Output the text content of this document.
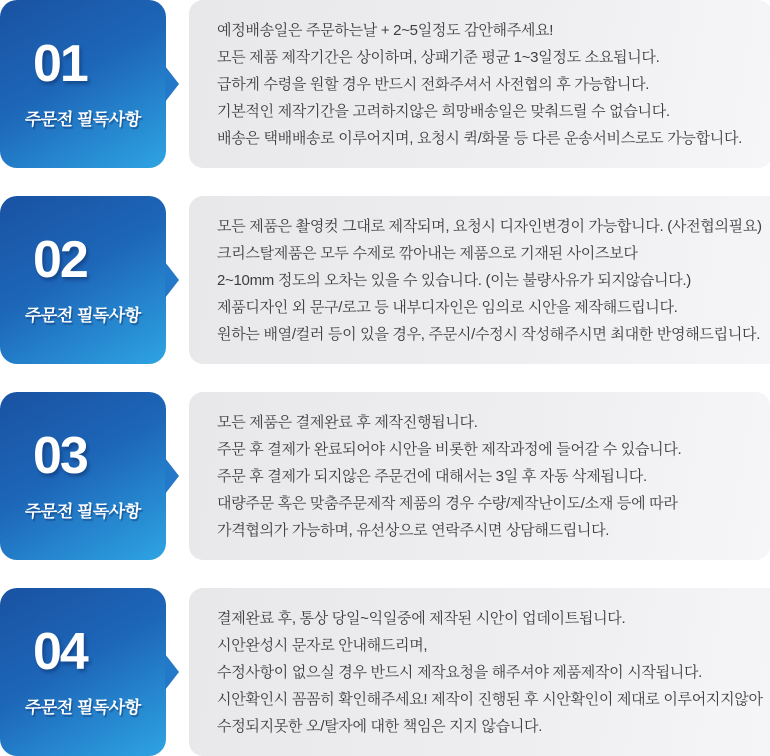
01
주문전 필독사항

예정배송일은 주문하는날 + 2~5일정도 감안해주세요!

모든 제품 제작기간은 상이하며, 상패기준 평균 1~3일정도 소요됩니다.

급하게 수령을 원할 경우 반드시 전화주셔서 사전협의 후 가능합니다.

기본적인 제작기간을 고려하지않은 희망배송일은 맞춰드릴 수 없습니다.

배송은 택배배송로 이루어지며, 요청시 퀵/화물 등 다른 운송서비스로도 가능합니다.

02
주문전 필독사항

모든 제품은 촬영컷 그대로 제작되며, 요청시 디자인변경이 가능합니다. (사전협의필요)

크리스탈제품은 모두 수제로 깎아내는 제품으로 기재된 사이즈보다

2~10mm 정도의 오차는 있을 수 있습니다. (이는 불량사유가 되지않습니다.)

제품디자인 외 문구/로고 등 내부디자인은 임의로 시안을 제작해드립니다.

원하는 배열/컬러 등이 있을 경우, 주문시/수정시 작성해주시면 최대한 반영해드립니다.

03
주문전 필독사항

모든 제품은 결제완료 후 제작진행됩니다.

주문 후 결제가 완료되어야 시안을 비롯한 제작과정에 들어갈 수 있습니다.

주문 후 결제가 되지않은 주문건에 대해서는 3일 후 자동 삭제됩니다.

대량주문 혹은 맞춤주문제작 제품의 경우 수량/제작난이도/소재 등에 따라

가격협의가 가능하며, 유선상으로 연락주시면 상담해드립니다.

04
주문전 필독사항

결제완료 후, 통상 당일~익일중에 제작된 시안이 업데이트됩니다.

시안완성시 문자로 안내해드리며,

수정사항이 없으실 경우 반드시 제작요청을 해주셔야 제품제작이 시작됩니다.

시안확인시 꼼꼼히 확인해주세요! 제작이 진행된 후 시안확인이 제대로 이루어지지않아

수정되지못한 오/탈자에 대한 책임은 지지 않습니다.
